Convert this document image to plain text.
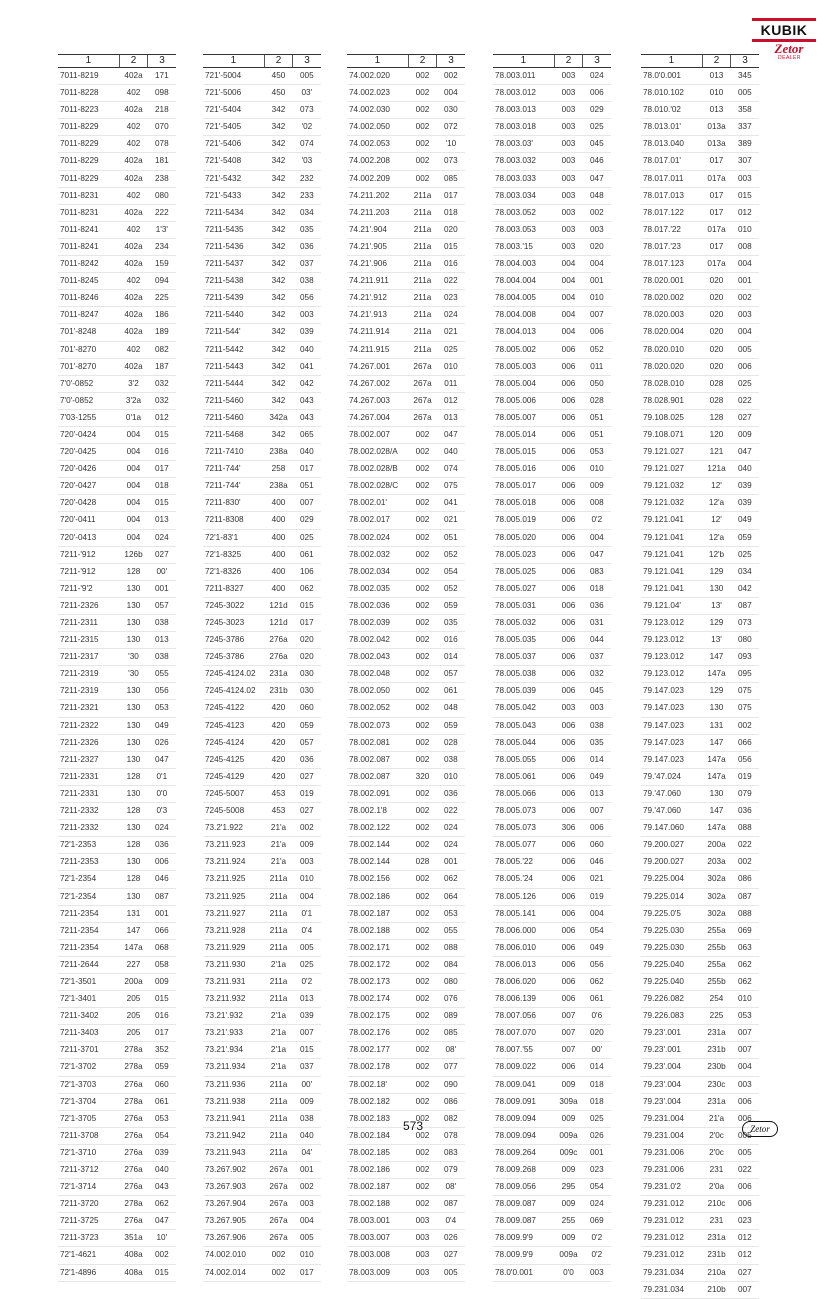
KUBIK
Zetor
DEALER
1	2	3
7011-8219	402a	171
7011-8228	402	098
7011-8223	402a	218
7011-8229	402	070
7011-8229	402	078
7011-8229	402a	181
7011-8229	402a	238
7011-8231	402	080
7011-8231	402a	222
7011-8241	402	1'3'
7011-8241	402a	234
7011-8242	402a	159
7011-8245	402	094
7011-8246	402a	225
7011-8247	402a	186
701'-8248	402a	189
701'-8270	402	082
701'-8270	402a	187
7'0'-0852	3'2	032
7'0'-0852	3'2a	032
7'03-1255	0'1a	012
720'-0424	004	015
720'-0425	004	016
720'-0426	004	017
720'-0427	004	018
720'-0428	004	015
720'-0411	004	013
720'-0413	004	024
7211-'912	126b	027
7211-'912	128	00'
7211-'9'2	130	001
7211-2326	130	057
7211-2311	130	038
7211-2315	130	013
7211-2317	'30	038
7211-2319	'30	055
7211-2319	130	056
7211-2321	130	053
7211-2322	130	049
7211-2326	130	026
7211-2327	130	047
7211-2331	128	0'1
7211-2331	130	0'0
7211-2332	128	0'3
7211-2332	130	024
72'1-2353	128	036
7211-2353	130	006
72'1-2354	128	046
72'1-2354	130	087
7211-2354	131	001
7211-2354	147	066
7211-2354	147a	068
7211-2644	227	058
72'1-3501	200a	009
72'1-3401	205	015
7211-3402	205	016
7211-3403	205	017
7211-3701	278a	352
72'1-3702	278a	059
72'1-3703	276a	060
72'1-3704	278a	061
72'1-3705	276a	053
7211-3708	276a	054
72'1-3710	276a	039
7211-3712	276a	040
72'1-3714	276a	043
7211-3720	278a	062
7211-3725	276a	047
7211-3723	351a	10'
72'1-4621	408a	002
72'1-4896	408a	015
1	2	3
721'-5004	450	005
721'-5006	450	03'
721'-5404	342	073
721'-5405	342	'02
721'-5406	342	074
721'-5408	342	'03
721'-5432	342	232
721'-5433	342	233
7211-5434	342	034
7211-5435	342	035
7211-5436	342	036
7211-5437	342	037
7211-5438	342	038
7211-5439	342	056
7211-5440	342	003
7211-544'	342	039
7211-5442	342	040
7211-5443	342	041
7211-5444	342	042
7211-5460	342	043
7211-5460	342a	043
7211-5468	342	065
7211-7410	238a	040
7211-744'	258	017
7211-744'	238a	051
7211-830'	400	007
7211-8308	400	029
72'1-83'1	400	025
72'1-8325	400	061
72'1-8326	400	106
7211-8327	400	062
7245-3022	121d	015
7245-3023	121d	017
7245-3786	276a	020
7245-3786	276a	020
7245-4124.02	231a	030
7245-4124.02	231b	030
7245-4122	420	060
7245-4123	420	059
7245-4124	420	057
7245-4125	420	036
7245-4129	420	027
7245-5007	453	019
7245-5008	453	027
73.2'1.922	21'a	002
73.211.923	21'a	009
73.211.924	21'a	003
73.211.925	211a	010
73.211.925	211a	004
73.211.927	211a	0'1
73.211.928	211a	0'4
73.211.929	211a	005
73.211.930	2'1a	025
73.211.931	211a	0'2
73.211.932	211a	013
73.21'.932	2'1a	039
73.21'.933	2'1a	007
73.21'.934	2'1a	015
73.211.934	2'1a	037
73.211.936	211a	00'
73.211.938	211a	009
73.211.941	211a	038
73.211.942	211a	040
73.211.943	211a	04'
73.267.902	267a	001
73.267.903	267a	002
73.267.904	267a	003
73.267.905	267a	004
73.267.906	267a	005
74.002.010	002	010
74.002.014	002	017
1	2	3
74.002.020	002	002
74.002.023	002	004
74.002.030	002	030
74.002.050	002	072
74.002.053	002	'10
74.002.208	002	073
74.002.209	002	085
74.211.202	211a	017
74.211.203	211a	018
74.21'.904	211a	020
74.21'.905	211a	015
74.21'.906	211a	016
74.211.911	211a	022
74.21'.912	211a	023
74.21'.913	211a	024
74.211.914	211a	021
74.211.915	211a	025
74.267.001	267a	010
74.267.002	267a	011
74.267.003	267a	012
74.267.004	267a	013
78.002.007	002	047
78.002.028/A	002	040
78.002.028/B	002	074
78.002.028/C	002	075
78.002.01'	002	041
78.002.017	002	021
78.002.024	002	051
78.002.032	002	052
78.002.034	002	054
78.002.035	002	052
78.002.036	002	059
78.002.039	002	035
78.002.042	002	016
78.002.043	002	014
78.002.048	002	057
78.002.050	002	061
78.002.052	002	048
78.002.073	002	059
78.002.081	002	028
78.002.087	002	038
78.002.087	320	010
78.002.091	002	036
78.002.1'8	002	022
78.002.122	002	024
78.002.144	002	024
78.002.144	028	001
78.002.156	002	062
78.002.186	002	064
78.002.187	002	053
78.002.188	002	055
78.002.171	002	088
78.002.172	002	084
78.002.173	002	080
78.002.174	002	076
78.002.175	002	089
78.002.176	002	085
78.002.177	002	08'
78.002.178	002	077
78.002.18'	002	090
78.002.182	002	086
78.002.183	002	082
78.002.184	002	078
78.002.185	002	083
78.002.186	002	079
78.002.187	002	08'
78.002.188	002	087
78.003.001	003	0'4
78.003.007	003	026
78.003.008	003	027
78.003.009	003	005
1	2	3
78.003.011	003	024
78.003.012	003	006
78.003.013	003	029
78.003.018	003	025
78.003.03'	003	045
78.003.032	003	046
78.003.033	003	047
78.003.034	003	048
78.003.052	003	002
78.003.053	003	003
78.003.'15	003	020
78.004.003	004	004
78.004.004	004	001
78.004.005	004	010
78.004.008	004	007
78.004.013	004	006
78.005.002	006	052
78.005.003	006	011
78.005.004	006	050
78.005.006	006	028
78.005.007	006	051
78.005.014	006	051
78.005.015	006	053
78.005.016	006	010
78.005.017	006	009
78.005.018	006	008
78.005.019	006	0'2
78.005.020	006	004
78.005.023	006	047
78.005.025	006	083
78.005.027	006	018
78.005.031	006	036
78.005.032	006	031
78.005.035	006	044
78.005.037	006	037
78.005.038	006	032
78.005.039	006	045
78.005.042	003	003
78.005.043	006	038
78.005.044	006	035
78.005.055	006	014
78.005.061	006	049
78.005.066	006	013
78.005.073	006	007
78.005.073	306	006
78.005.077	006	060
78.005.'22	006	046
78.005.'24	006	021
78.005.126	006	019
78.005.141	006	004
78.006.000	006	054
78.006.010	006	049
78.006.013	006	056
78.006.020	006	062
78.006.139	006	061
78.007.056	007	0'6
78.007.070	007	020
78.007.'55	007	00'
78.009.022	006	014
78.009.041	009	018
78.009.091	309a	018
78.009.094	009	025
78.009.094	009a	026
78.009.264	009c	001
78.009.268	009	023
78.009.056	295	054
78.009.087	009	024
78.009.087	255	069
78.009.9'9	009	0'2
78.009.9'9	009a	0'2
78.0'0.001	0'0	003
1	2	3
78.0'0.001	013	345
78.010.102	010	005
78.010.'02	013	358
78.013.01'	013a	337
78.013.040	013a	389
78.017.01'	017	307
78.017.011	017a	003
78.017.013	017	015
78.017.122	017	012
78.017.'22	017a	010
78.017.'23	017	008
78.017.123	017a	004
78.020.001	020	001
78.020.002	020	002
78.020.003	020	003
78.020.004	020	004
78.020.010	020	005
78.020.020	020	006
78.028.010	028	025
78.028.901	028	022
79.108.025	128	027
79.108.071	120	009
79.121.027	121	047
79.121.027	121a	040
79.121.032	12'	039
79.121.032	12'a	039
79.121.041	12'	049
79.121.041	12'a	059
79.121.041	12'b	025
79.121.041	129	034
79.121.041	130	042
79.121.04'	13'	087
79.123.012	129	073
79.123.012	13'	080
79.123.012	147	093
79.123.012	147a	095
79.147.023	129	075
79.147.023	130	075
79.147.023	131	002
79.147.023	147	066
79.147.023	147a	056
79.'47.024	147a	019
79.'47.060	130	079
79.'47.060	147	036
79.147.060	147a	088
79.200.027	200a	022
79.200.027	203a	002
79.225.004	302a	086
79.225.014	302a	087
79.225.0'5	302a	088
79.225.030	255a	069
79.225.030	255b	063
79.225.040	255a	062
79.225.040	255b	062
79.226.082	254	010
79.226.083	225	053
79.23'.001	231a	007
79.23'.001	231b	007
79.23'.004	230b	004
79.23'.004	230c	003
79.23'.004	231a	006
79.231.004	21'a	006
79.231.004	2'0c	005
79.231.006	2'0c	005
79.231.006	231	022
79.231.0'2	2'0a	006
79.231.012	210c	006
79.231.012	231	023
79.231.012	231a	012
79.231.012	231b	012
79.231.034	210a	027
79.231.034	210b	007
573	Zetor
